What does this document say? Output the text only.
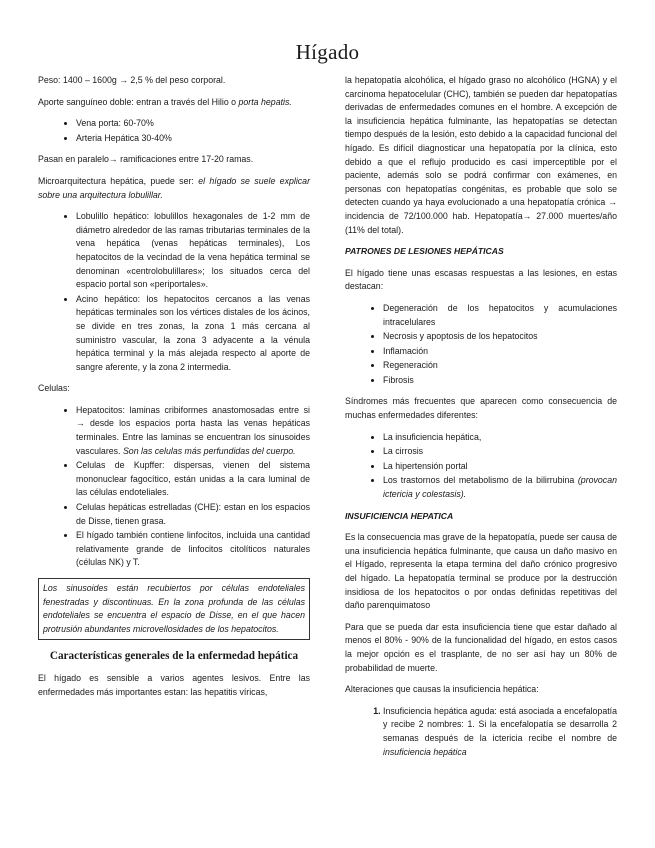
Hígado

Peso: 1400 – 1600g → 2,5 % del peso corporal.

Aporte sanguíneo doble: entran a través del Hilio o porta hepatis.

• Vena porta: 60-70%
• Arteria Hepática 30-40%

Pasan en paralelo→ ramificaciones entre 17-20 ramas.

Microarquitectura hepática, puede ser: el hígado se suele explicar sobre una arquitectura lobulillar.

• Lobulillo hepático: lobulillos hexagonales de 1-2 mm de diámetro alrededor de las ramas tributarias terminales de la vena hepática (venas hepáticas terminales), Los hepatocitos de la vecindad de la vena hepática terminal se denominan «centrolobulillares»; los situados cerca del espacio portal son «periportales».
• Acino hepático: los hepatocitos cercanos a las venas hepáticas terminales son los vértices distales de los ácinos, se divide en tres zonas, la zona 1 más cercana al suministro vascular, la zona 3 adyacente a la vénula hepática terminal y la más alejada respecto al aporte de sangre aferente, y la zona 2 intermedia.

Celulas:

• Hepatocitos: laminas cribiformes anastomosadas entre si → desde los espacios porta hasta las venas hepáticas terminales. Entre las laminas se encuentran los sinusoides vasculares. Son las celulas más perfundidas del cuerpo.
• Celulas de Kupffer: dispersas, vienen del sistema mononuclear fagocítico, están unidas a la cara luminal de las células endoteliales.
• Celulas hepáticas estrelladas (CHE): estan en los espacios de Disse, tienen grasa.
• El hígado también contiene linfocitos, incluida una cantidad relativamente grande de linfocitos citolíticos naturales (células NK) y T.
Los sinusoides están recubiertos por células endoteliales fenestradas y discontinuas. En la zona profunda de las células endoteliales se encuentra el espacio de Disse, en el que hacen protrusión abundantes microvellosidades de los hepatocitos.
Características generales de la enfermedad hepática

El hígado es sensible a varios agentes lesivos. Entre las enfermedades más importantes estan: las hepatitis víricas,

la hepatopatía alcohólica, el hígado graso no alcohólico (HGNA) y el carcinoma hepatocelular (CHC), también se pueden dar hepatopatías derivadas de enfermedades comunes en el hombre. A excepción de la insuficiencia hepática fulminante, las hepatopatías se detectan tiempo después de la lesión, esto debido a la capacidad funcional del hígado. Es difícil diagnosticar una hepatopatía por la clínica, esto debido a que el reflujo producido es casi imperceptible por el paciente, además solo se podrá confirmar con exámenes, en personas con hepatopatías congénitas, es probable que solo se detecten cuando ya haya evolucionado a una hepatopatía crónica → incidencia de 72/100.000 hab. Hepatopatía→ 27.000 muertes/año (11% del total).

PATRONES DE LESIONES HEPÁTICAS

El hígado tiene unas escasas respuestas a las lesiones, en estas destacan:

• Degeneración de los hepatocitos y acumulaciones intracelulares
• Necrosis y apoptosis de los hepatocitos
• Inflamación
• Regeneración
• Fibrosis

Síndromes más frecuentes que aparecen como consecuencia de muchas enfermedades diferentes:

• La insuficiencia hepática,
• La cirrosis
• La hipertensión portal
• Los trastornos del metabolismo de la bilirrubina (provocan ictericia y colestasis).
INSUFICIENCIA HEPATICA

Es la consecuencia mas grave de la hepatopatía, puede ser causa de una insuficiencia hepática fulminante, que causa un daño masivo en el Hígado, representa la etapa termina del daño crónico progresivo del hígado. La hepatopatía terminal se produce por la destrucción insidiosa de los hepatocitos o por ondas definidas repetitivas del daño parenquimatoso

Para que se pueda dar esta insuficiencia tiene que estar dañado al menos el 80% - 90% de la funcionalidad del hígado, en estos casos la mejor opción es el trasplante, de no ser así hay un 80% de probabilidad de muerte.

Alteraciones que causas la insuficiencia hepática:

1. Insuficiencia hepática aguda: está asociada a encefalopatía y recibe 2 nombres: 1. Si la encefalopatía se desarrolla 2 semanas después de la ictericia recibe el nombre de insuficiencia hepática
